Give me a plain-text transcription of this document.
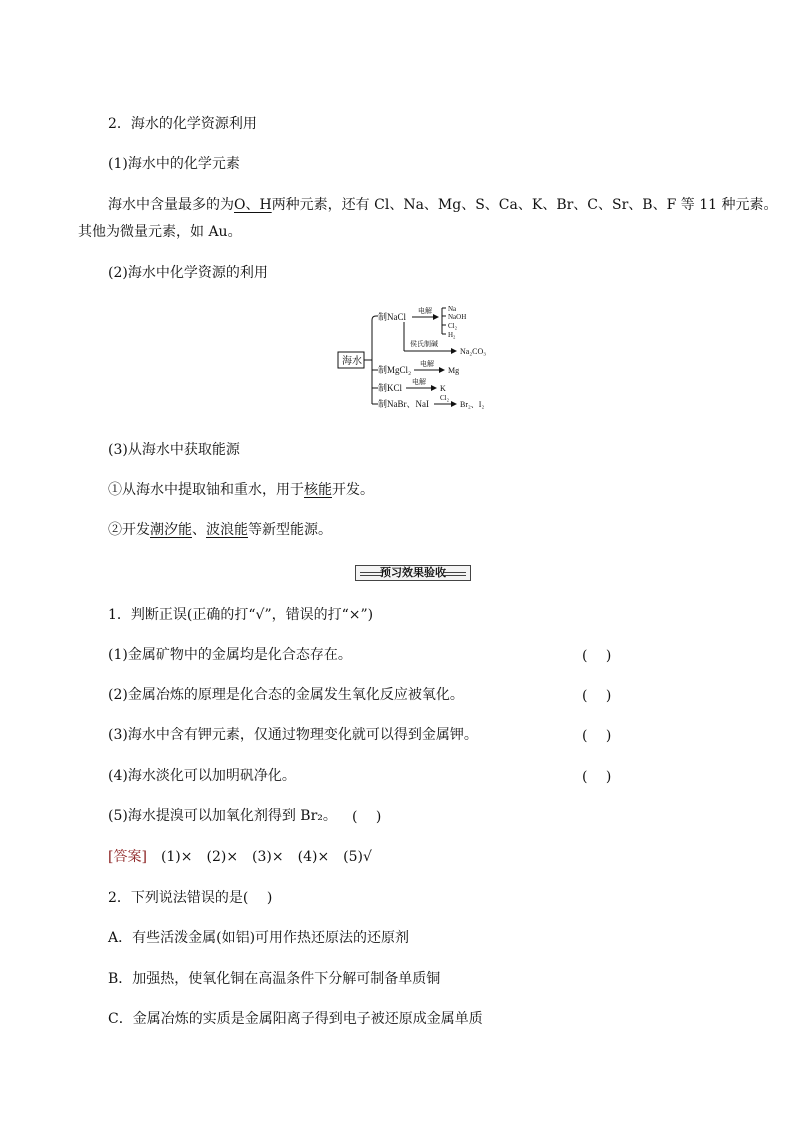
2．海水的化学资源利用
(1)海水中的化学元素
海水中含量最多的为O、H两种元素，还有 Cl、Na、Mg、S、Ca、K、Br、C、Sr、B、F 等 11 种元素。
其他为微量元素，如 Au。
(2)海水中化学资源的利用
海水
制NaCl
电解 Na
NaOH
Cl₂
H₂
侯氏制碱
Na₂CO₃
制MgCl₂
电解
Mg
制KCl
电解
K
制NaBr、NaI
Cl₂
Br₂、I₂
(3)从海水中获取能源
①从海水中提取铀和重水，用于核能开发。
②开发潮汐能、波浪能等新型能源。
预习效果验收
1．判断正误(正确的打“√”，错误的打“×”)
(1)金属矿物中的金属均是化合态存在。	(　 )
(2)金属冶炼的原理是化合态的金属发生氧化反应被氧化。	(　 )
(3)海水中含有钾元素，仅通过物理变化就可以得到金属钾。	(　 )
(4)海水淡化可以加明矾净化。	(　 )
(5)海水提溴可以加氧化剂得到 Br₂。 (　 )
[答案]　 (1)×　(2)×　(3)×　(4)×　(5)√
2．下列说法错误的是(　 )
A．有些活泼金属(如铝)可用作热还原法的还原剂
B．加强热，使氧化铜在高温条件下分解可制备单质铜
C．金属冶炼的实质是金属阳离子得到电子被还原成金属单质
